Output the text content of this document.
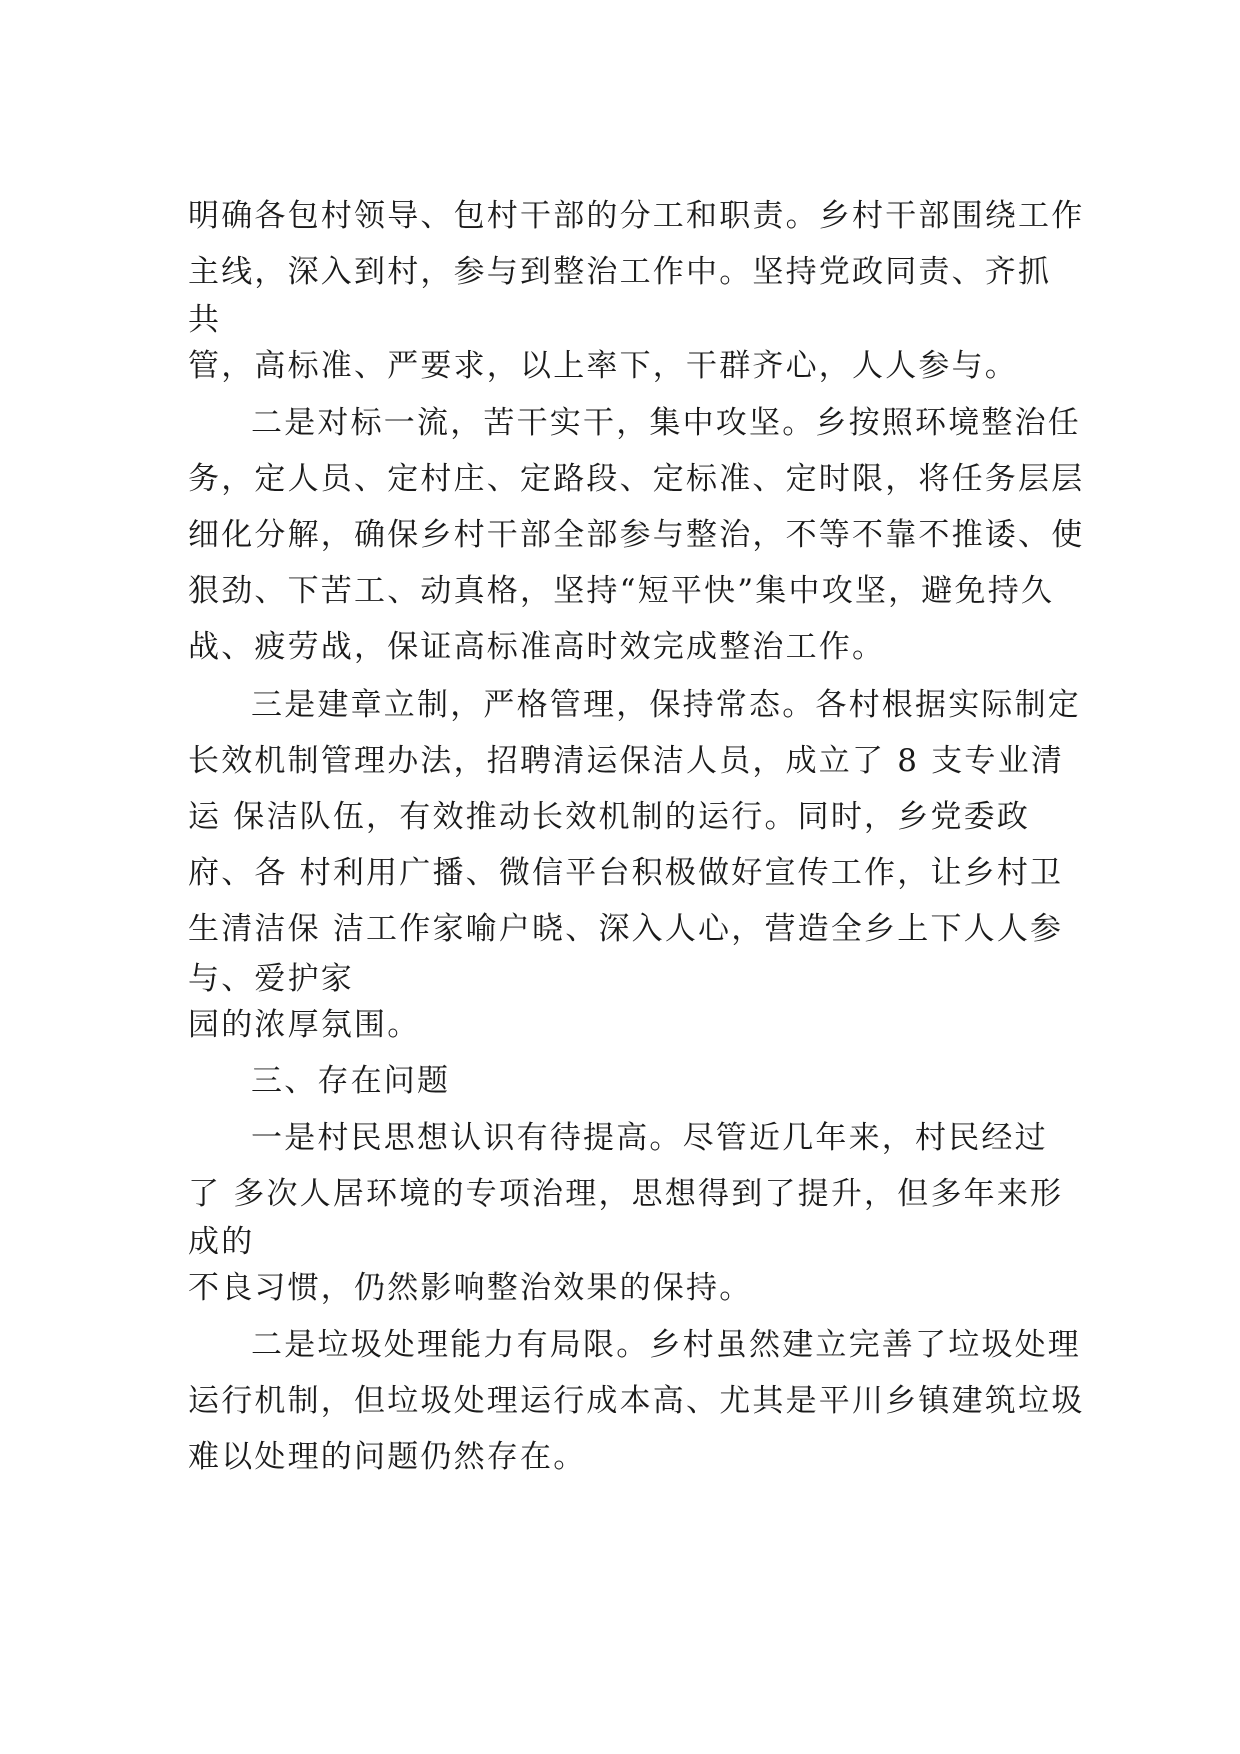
明确各包村领导、包村干部的分工和职责。乡村干部围绕工作
主线，深入到村，参与到整治工作中。坚持党政同责、齐抓
共
管，高标准、严要求，以上率下，干群齐心，人人参与。
二是对标一流，苦干实干，集中攻坚。乡按照环境整治任
务，定人员、定村庄、定路段、定标准、定时限，将任务层层
细化分解，确保乡村干部全部参与整治，不等不靠不推诿、使
狠劲、下苦工、动真格，坚持“短平快”集中攻坚，避免持久
战、疲劳战，保证高标准高时效完成整治工作。
三是建章立制，严格管理，保持常态。各村根据实际制定
长效机制管理办法，招聘清运保洁人员，成立了 8 支专业清
运 保洁队伍，有效推动长效机制的运行。同时，乡党委政
府、各 村利用广播、微信平台积极做好宣传工作，让乡村卫
生清洁保 洁工作家喻户晓、深入人心，营造全乡上下人人参
与、爱护家
园的浓厚氛围。
三、存在问题
一是村民思想认识有待提高。尽管近几年来，村民经过
了 多次人居环境的专项治理，思想得到了提升，但多年来形
成的
不良习惯，仍然影响整治效果的保持。
二是垃圾处理能力有局限。乡村虽然建立完善了垃圾处理
运行机制，但垃圾处理运行成本高、尤其是平川乡镇建筑垃圾
难以处理的问题仍然存在。
